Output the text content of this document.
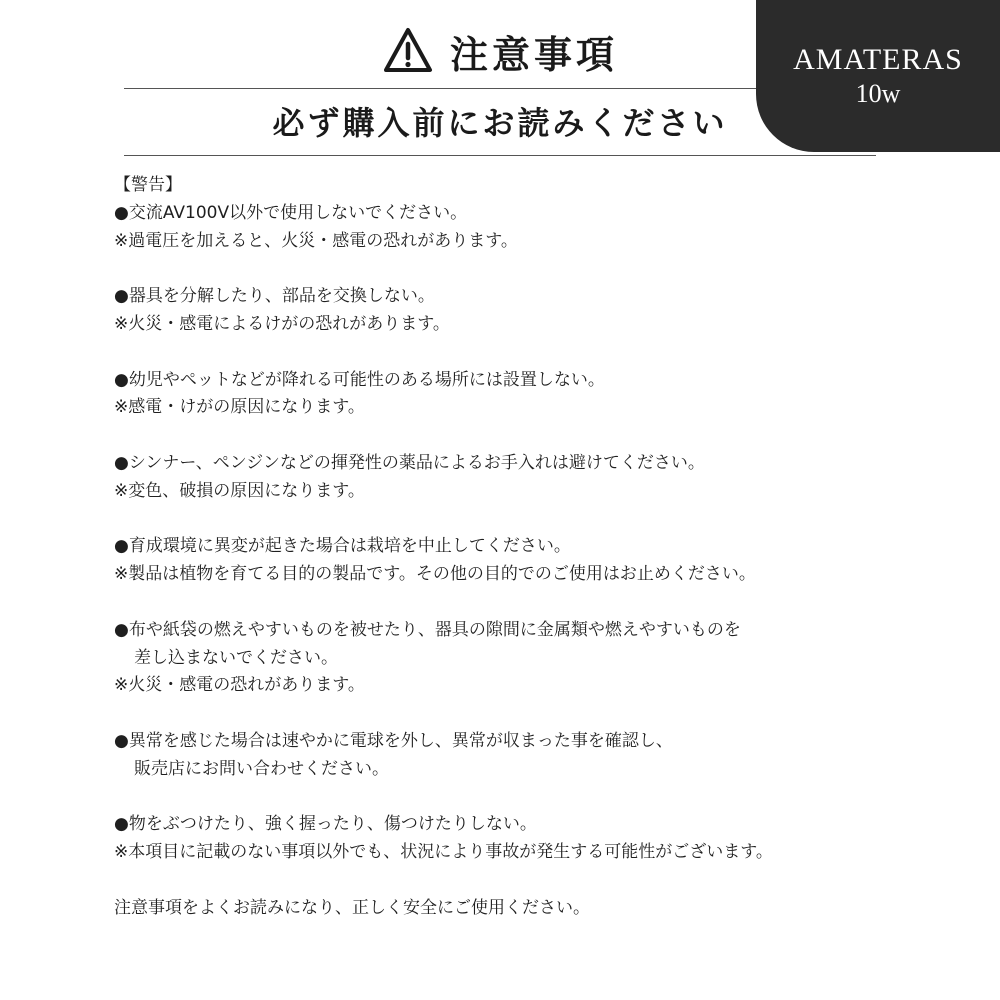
注意事項
必ず購入前にお読みください
AMATERAS
10w
【警告】
●交流AV100V以外で使用しないでください。
※過電圧を加えると、火災・感電の恐れがあります。
●器具を分解したり、部品を交換しない。
※火災・感電によるけがの恐れがあります。
●幼児やペットなどが降れる可能性のある場所には設置しない。
※感電・けがの原因になります。
●シンナー、ペンジンなどの揮発性の薬品によるお手入れは避けてください。
※変色、破損の原因になります。
●育成環境に異変が起きた場合は栽培を中止してください。
※製品は植物を育てる目的の製品です。その他の目的でのご使用はお止めください。
●布や紙袋の燃えやすいものを被せたり、器具の隙間に金属類や燃えやすいものを
差し込まないでください。
※火災・感電の恐れがあります。
●異常を感じた場合は速やかに電球を外し、異常が収まった事を確認し、
販売店にお問い合わせください。
●物をぶつけたり、強く握ったり、傷つけたりしない。
※本項目に記載のない事項以外でも、状況により事故が発生する可能性がございます。
注意事項をよくお読みになり、正しく安全にご使用ください。
